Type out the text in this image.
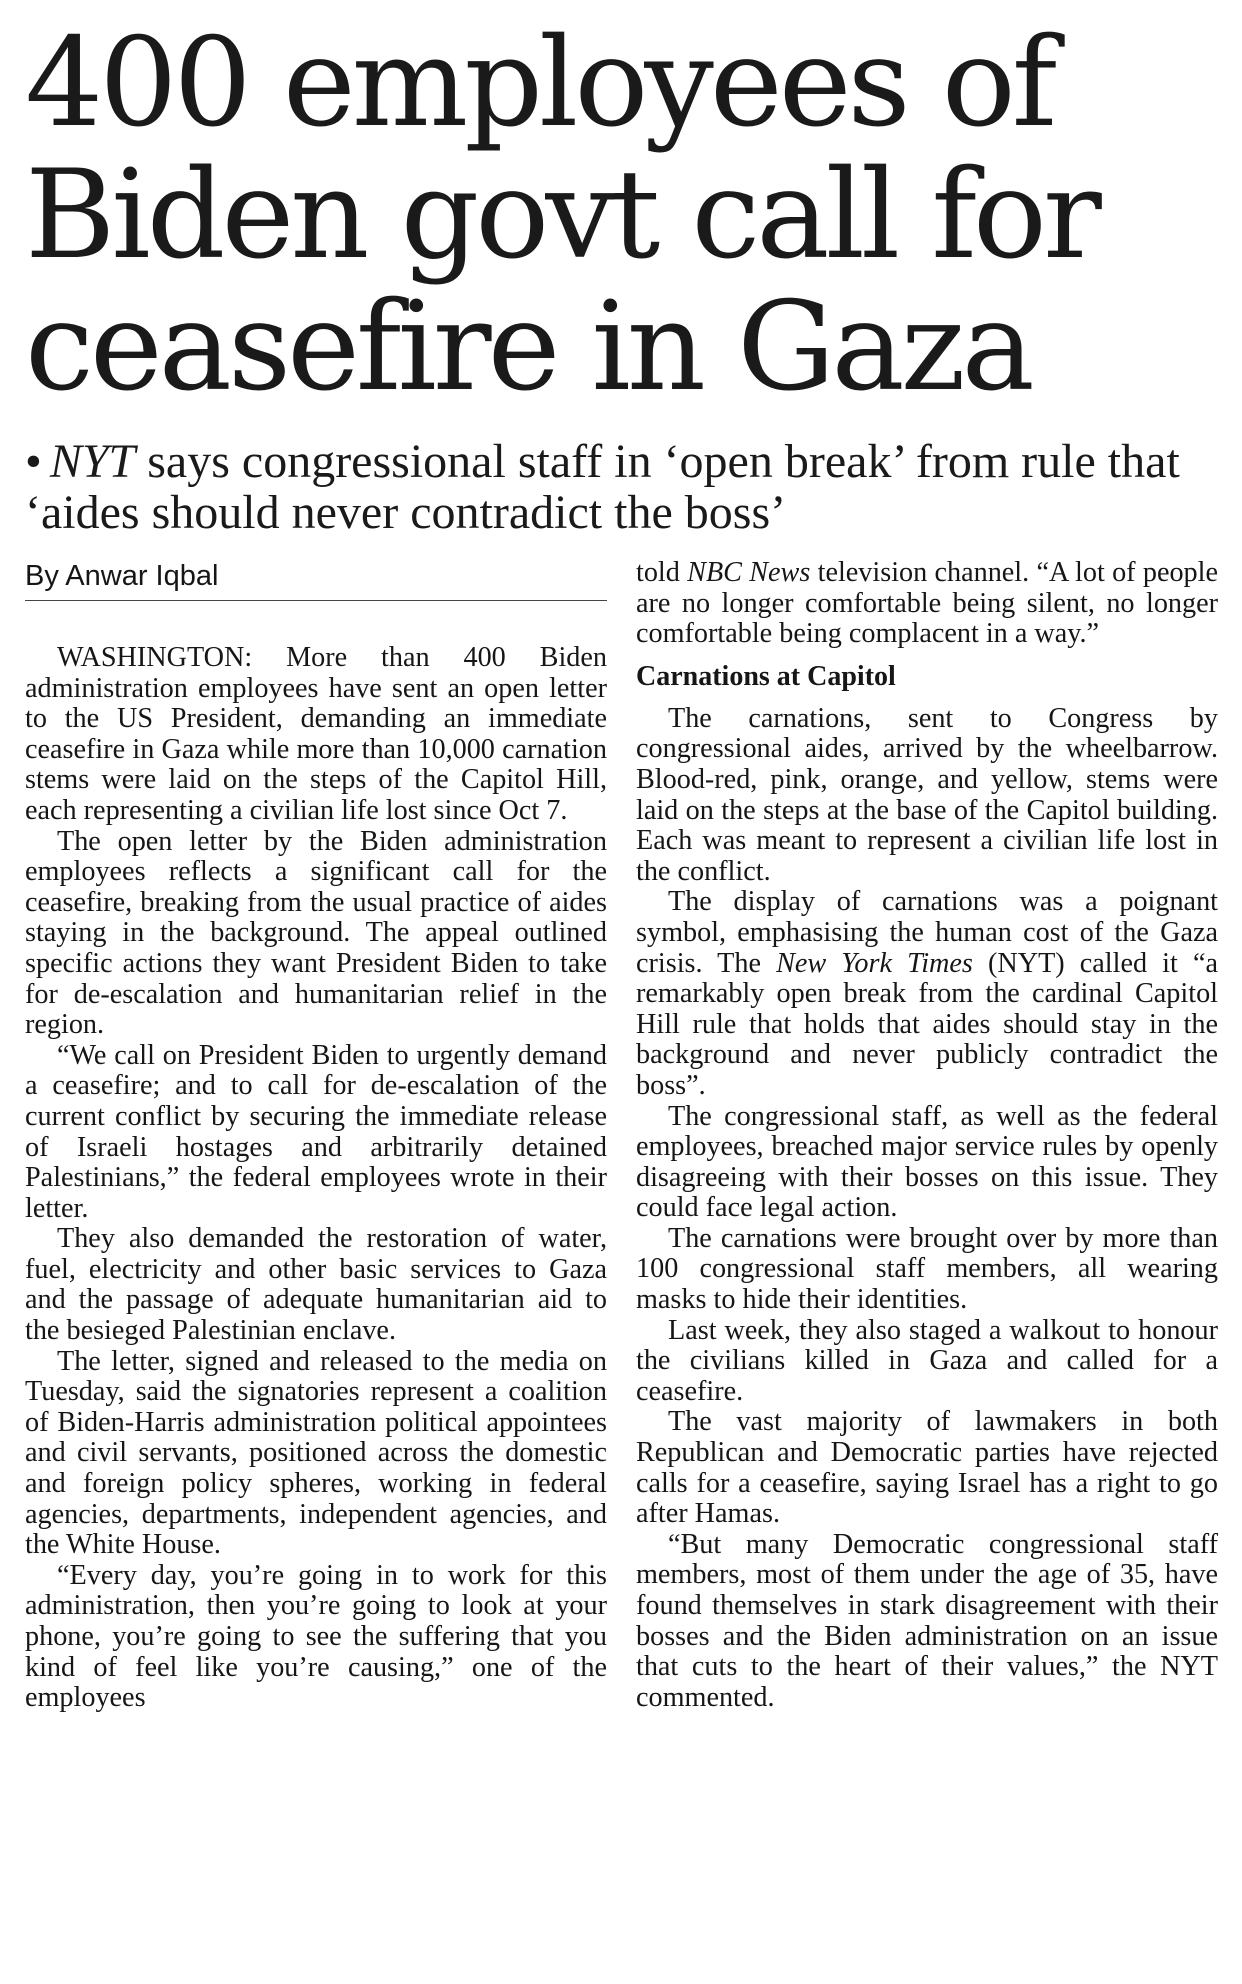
400 employees of Biden govt call for ceasefire in Gaza
• NYT says congressional staff in ‘open break’ from rule that ‘aides should never contradict the boss’
By Anwar Iqbal

WASHINGTON: More than 400 Biden administration employees have sent an open letter to the US President, demanding an immediate ceasefire in Gaza while more than 10,000 carnation stems were laid on the steps of the Capitol Hill, each representing a civilian life lost since Oct 7.

The open letter by the Biden administration employees reflects a significant call for the ceasefire, breaking from the usual practice of aides staying in the background. The appeal outlined specific actions they want President Biden to take for de-escalation and humanitarian relief in the region.

“We call on President Biden to urgently demand a ceasefire; and to call for de-escalation of the current conflict by securing the immediate release of Israeli hostages and arbitrarily detained Palestinians,” the federal employees wrote in their letter.

They also demanded the restoration of water, fuel, electricity and other basic services to Gaza and the passage of adequate humanitarian aid to the besieged Palestinian enclave.

The letter, signed and released to the media on Tuesday, said the signatories represent a coalition of Biden-Harris administration political appointees and civil servants, positioned across the domestic and foreign policy spheres, working in federal agencies, departments, independent agencies, and the White House.

“Every day, you’re going in to work for this administration, then you’re going to look at your phone, you’re going to see the suffering that you kind of feel like you’re causing,” one of the employees

told NBC News television channel. “A lot of people are no longer comfortable being silent, no longer comfortable being complacent in a way.”

Carnations at Capitol

The carnations, sent to Congress by congressional aides, arrived by the wheelbarrow. Blood-red, pink, orange, and yellow, stems were laid on the steps at the base of the Capitol building. Each was meant to represent a civilian life lost in the conflict.

The display of carnations was a poignant symbol, emphasising the human cost of the Gaza crisis. The New York Times (NYT) called it “a remarkably open break from the cardinal Capitol Hill rule that holds that aides should stay in the background and never publicly contradict the boss”.

The congressional staff, as well as the federal employees, breached major service rules by openly disagreeing with their bosses on this issue. They could face legal action.

The carnations were brought over by more than 100 congressional staff members, all wearing masks to hide their identities.

Last week, they also staged a walkout to honour the civilians killed in Gaza and called for a ceasefire.

The vast majority of lawmakers in both Republican and Democratic parties have rejected calls for a ceasefire, saying Israel has a right to go after Hamas.

“But many Democratic congressional staff members, most of them under the age of 35, have found themselves in stark disagreement with their bosses and the Biden administration on an issue that cuts to the heart of their values,” the NYT commented.
